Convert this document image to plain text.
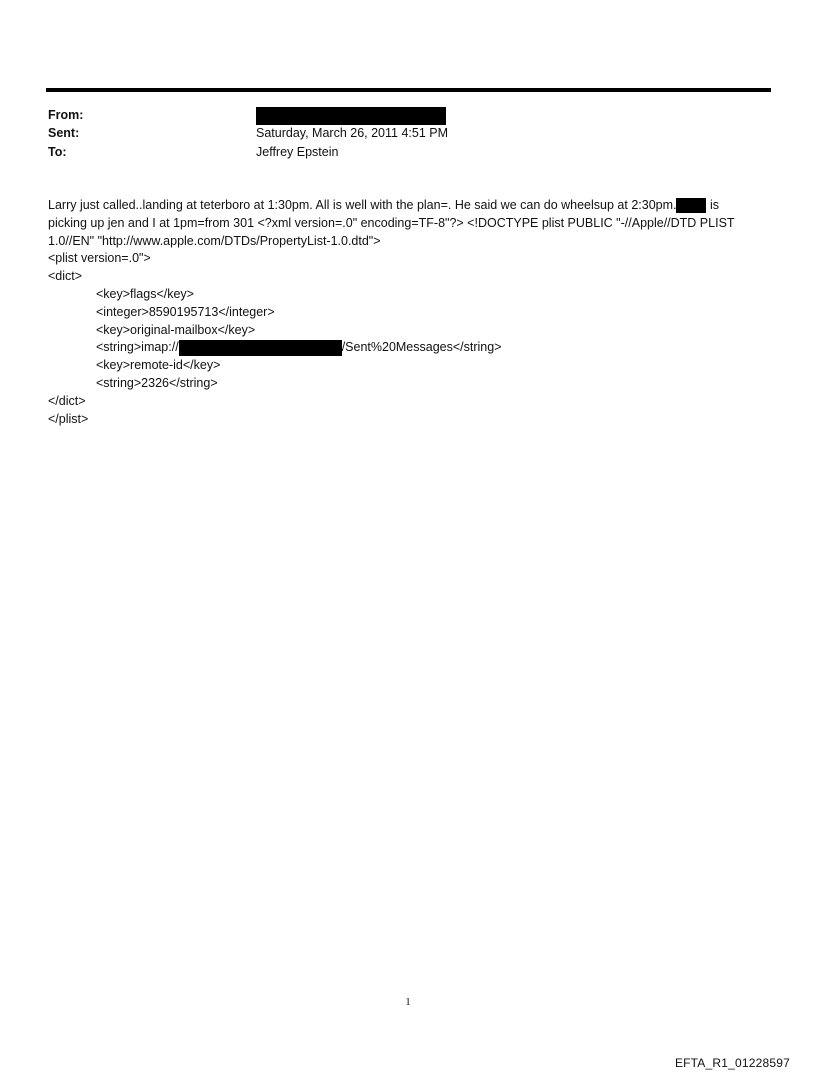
From:
Sent:	Saturday, March 26, 2011 4:51 PM
To:	Jeffrey Epstein

Larry just called..landing at teterboro at 1:30pm. All is well with the plan=. He said we can do wheelsup at 2:30pm. is

picking up jen and I at 1pm=from 301 <?xml version=.0" encoding=TF-8"?> <!DOCTYPE plist PUBLIC "-//Apple//DTD PLIST

1.0//EN" "http://www.apple.com/DTDs/PropertyList-1.0.dtd">

<plist version=.0">

<dict>

<key>flags</key>

<integer>8590195713</integer>

<key>original-mailbox</key>

<string>imap://	/Sent%20Messages</string>

<key>remote-id</key>

<string>2326</string>

</dict>

</plist>

1
EFTA_R1_01228597
